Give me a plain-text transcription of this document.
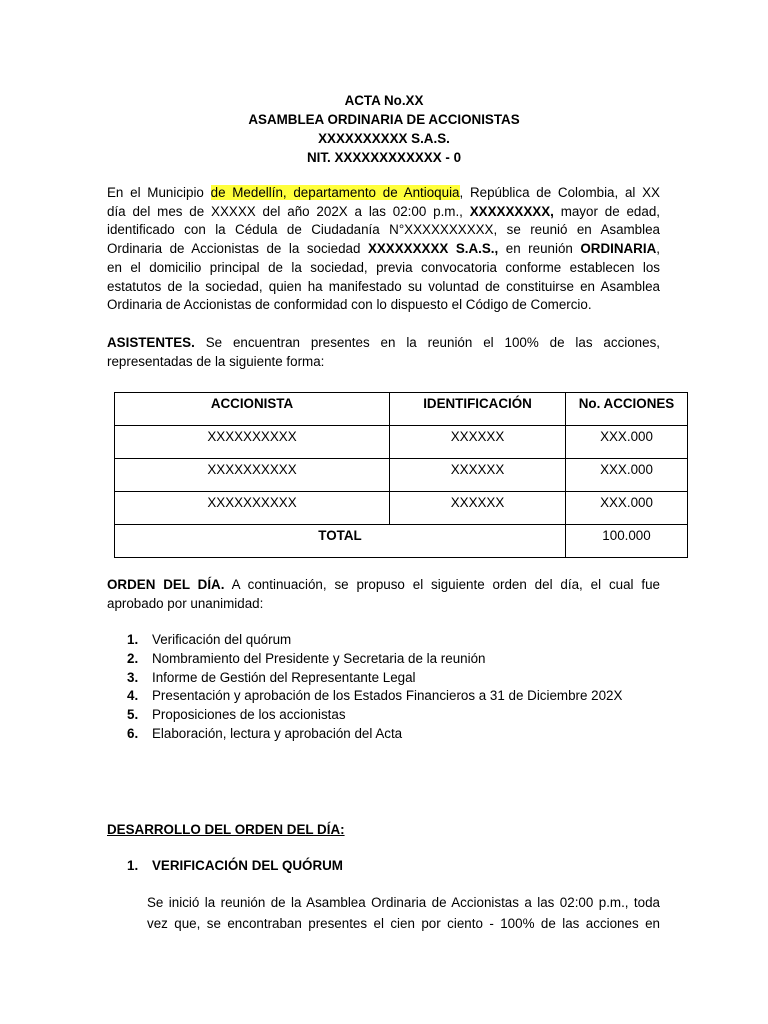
ACTA No.XX
ASAMBLEA ORDINARIA DE ACCIONISTAS
XXXXXXXXXX S.A.S.
NIT. XXXXXXXXXXXX - 0
En el Municipio de Medellín, departamento de Antioquia, República de Colombia, al XX
día del mes de XXXXX del año 202X a las 02:00 p.m., XXXXXXXXX, mayor de edad,
identificado con la Cédula de Ciudadanía N°XXXXXXXXXX, se reunió en Asamblea
Ordinaria de Accionistas de la sociedad XXXXXXXXX S.A.S., en reunión ORDINARIA,
en el domicilio principal de la sociedad, previa convocatoria conforme establecen los
estatutos de la sociedad, quien ha manifestado su voluntad de constituirse en Asamblea
Ordinaria de Accionistas de conformidad con lo dispuesto el Código de Comercio.
ASISTENTES. Se encuentran presentes en la reunión el 100% de las acciones,
representadas de la siguiente forma:
ACCIONISTA	IDENTIFICACIÓN	No. ACCIONES
XXXXXXXXXX	XXXXXX	XXX.000
XXXXXXXXXX	XXXXXX	XXX.000
XXXXXXXXXX	XXXXXX	XXX.000
TOTAL		100.000
ORDEN DEL DÍA. A continuación, se propuso el siguiente orden del día, el cual fue
aprobado por unanimidad:
1.	Verificación del quórum
2.	Nombramiento del Presidente y Secretaria de la reunión
3.	Informe de Gestión del Representante Legal
4.	Presentación y aprobación de los Estados Financieros a 31 de Diciembre 202X
5.	Proposiciones de los accionistas
6.	Elaboración, lectura y aprobación del Acta
DESARROLLO DEL ORDEN DEL DÍA:
1. VERIFICACIÓN DEL QUÓRUM
Se inició la reunión de la Asamblea Ordinaria de Accionistas a las 02:00 p.m., toda
vez que, se encontraban presentes el cien por ciento - 100% de las acciones en
